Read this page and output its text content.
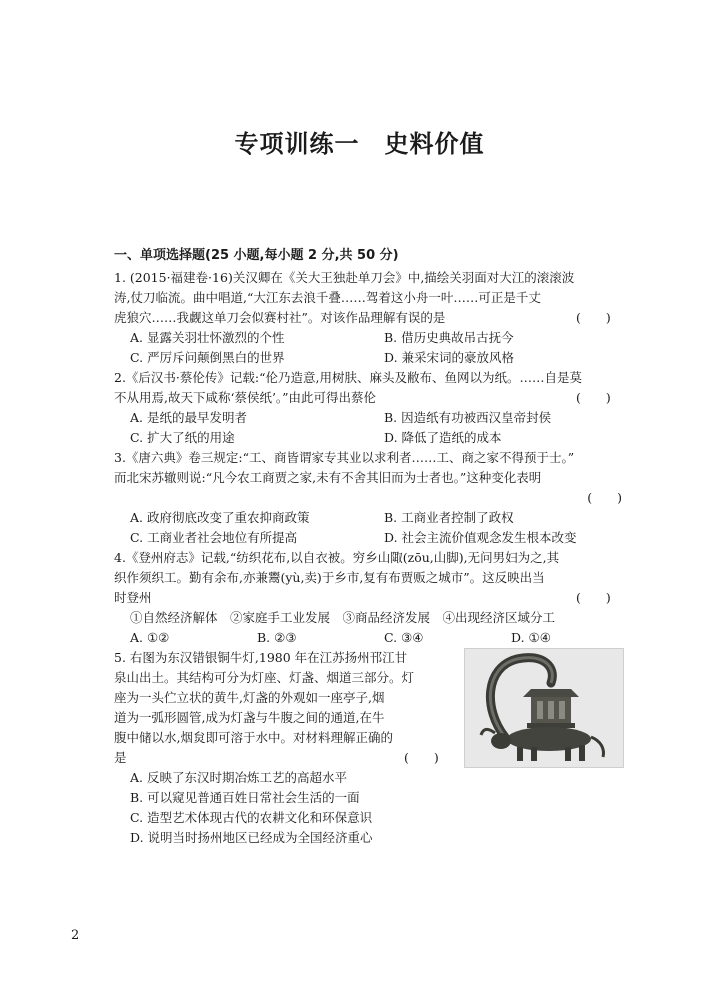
专项训练一　史料价值
一、单项选择题(25 小题,每小题 2 分,共 50 分)
1. (2015·福建卷·16)关汉卿在《关大王独赴单刀会》中,描绘关羽面对大江的滚滚波
涛,仗刀临流。曲中唱道,“大江东去浪千叠……驾着这小舟一叶……可正是千丈
(　　)
虎狼穴……我觑这单刀会似赛村社”。对该作品理解有误的是
A. 显露关羽壮怀激烈的个性	B. 借历史典故吊古抚今
C. 严厉斥问颠倒黑白的世界	D. 兼采宋词的豪放风格
2.《后汉书·蔡伦传》记载:“伦乃造意,用树肤、麻头及敝布、鱼网以为纸。……自是莫
(　　)
不从用焉,故天下咸称‘蔡侯纸’。”由此可得出蔡伦
A. 是纸的最早发明者	B. 因造纸有功被西汉皇帝封侯
C. 扩大了纸的用途	D. 降低了造纸的成本
3.《唐六典》卷三规定:“工、商皆谓家专其业以求利者……工、商之家不得预于士。”
而北宋苏辙则说:“凡今农工商贾之家,未有不舍其旧而为士者也。”这种变化表明
(　　)
A. 政府彻底改变了重农抑商政策	B. 工商业者控制了政权
C. 工商业者社会地位有所提高	D. 社会主流价值观念发生根本改变
4.《登州府志》记载,“纺织花布,以自衣被。穷乡山陬(zōu,山脚),无问男妇为之,其
织作须织工。勤有余布,亦兼鬻(yù,卖)于乡市,复有布贾贩之城市”。这反映出当
(　　)
时登州
①自然经济解体　②家庭手工业发展　③商品经济发展　④出现经济区域分工
A. ①②	B. ②③	C. ③④	D. ①④
5. 右图为东汉错银铜牛灯,1980 年在江苏扬州邗江甘
泉山出土。其结构可分为灯座、灯盏、烟道三部分。灯
座为一头伫立状的黄牛,灯盏的外观如一座亭子,烟
道为一弧形圆管,成为灯盏与牛腹之间的通道,在牛
腹中储以水,烟炱即可溶于水中。对材料理解正确的
(　　)
是
A. 反映了东汉时期冶炼工艺的高超水平
B. 可以窥见普通百姓日常社会生活的一面
C. 造型艺术体现古代的农耕文化和环保意识
D. 说明当时扬州地区已经成为全国经济重心
2
